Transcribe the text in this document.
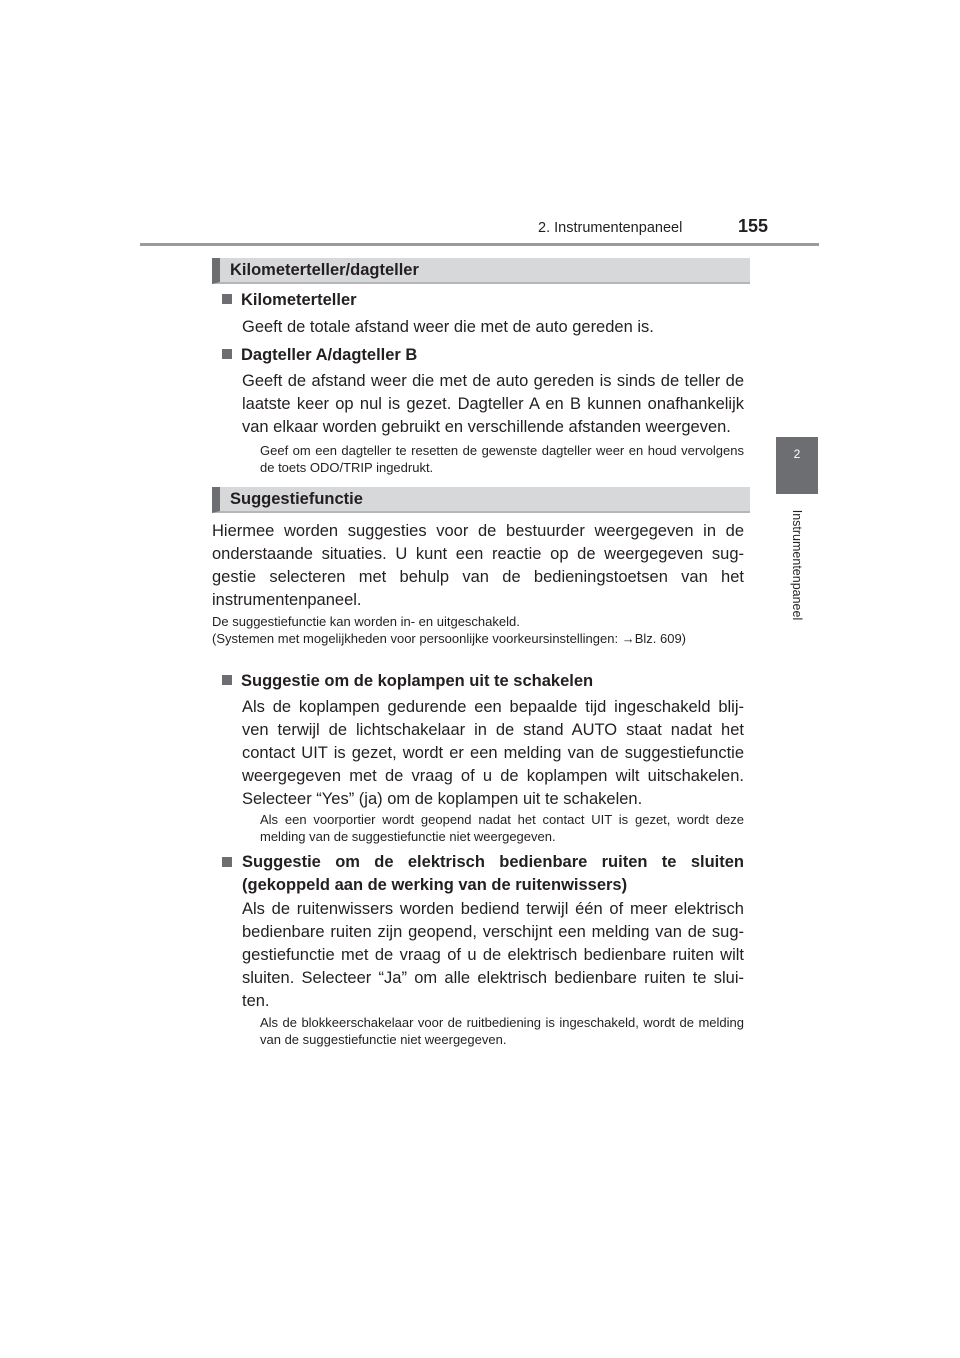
2. Instrumentenpaneel	155
2
Instrumentenpaneel
Kilometerteller/dagteller
Kilometerteller

Geeft de totale afstand weer die met de auto gereden is.

Dagteller A/dagteller B

Geeft de afstand weer die met de auto gereden is sinds de teller de laatste keer op nul is gezet. Dagteller A en B kunnen onafhankelijk van elkaar worden gebruikt en verschillende afstanden weergeven.

Geef om een dagteller te resetten de gewenste dagteller weer en houd vervolgens de toets ODO/TRIP ingedrukt.

Suggestiefunctie

Hiermee worden suggesties voor de bestuurder weergegeven in de onderstaande situaties. U kunt een reactie op de weergegeven sug-gestie selecteren met behulp van de bedieningstoetsen van het instrumentenpaneel.

De suggestiefunctie kan worden in- en uitgeschakeld.

(Systemen met mogelijkheden voor persoonlijke voorkeursinstellingen: →Blz. 609)

Suggestie om de koplampen uit te schakelen

Als de koplampen gedurende een bepaalde tijd ingeschakeld blij-ven terwijl de lichtschakelaar in de stand AUTO staat nadat het contact UIT is gezet, wordt er een melding van de suggestiefunctie weergegeven met de vraag of u de koplampen wilt uitschakelen. Selecteer “Yes” (ja) om de koplampen uit te schakelen.

Als een voorportier wordt geopend nadat het contact UIT is gezet, wordt deze melding van de suggestiefunctie niet weergegeven.

Suggestie om de elektrisch bedienbare ruiten te sluiten (gekoppeld aan de werking van de ruitenwissers)

Als de ruitenwissers worden bediend terwijl één of meer elektrisch bedienbare ruiten zijn geopend, verschijnt een melding van de sug-gestiefunctie met de vraag of u de elektrisch bedienbare ruiten wilt sluiten. Selecteer “Ja” om alle elektrisch bedienbare ruiten te slui-ten.

Als de blokkeerschakelaar voor de ruitbediening is ingeschakeld, wordt de melding van de suggestiefunctie niet weergegeven.
